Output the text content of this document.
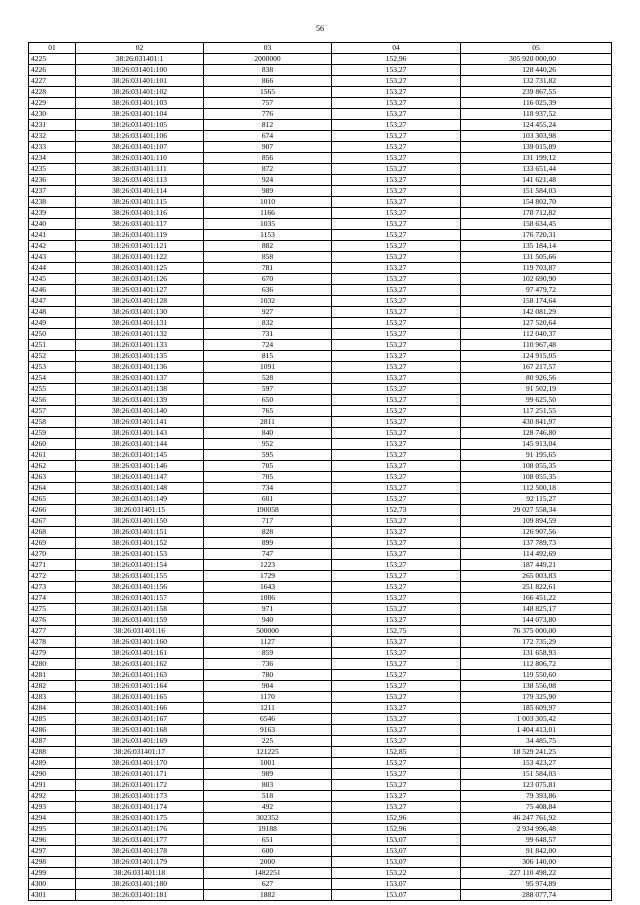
56
01	02	03	04	05
4225	38:26:031401:1	2000000	152,96	305 920 000,00
4226	38:26:031401:100	838	153,27	128 440,26
4227	38:26:031401:101	866	153,27	132 731,82
4228	38:26:031401:102	1565	153,27	239 867,55
4229	38:26:031401:103	757	153,27	116 025,39
4230	38:26:031401:104	776	153,27	118 937,52
4231	38:26:031401:105	812	153,27	124 455,24
4232	38:26:031401:106	674	153,27	103 303,98
4233	38:26:031401:107	907	153,27	139 015,89
4234	38:26:031401:110	856	153,27	131 199,12
4235	38:26:031401:111	872	153,27	133 651,44
4236	38:26:031401:113	924	153,27	141 621,48
4237	38:26:031401:114	989	153,27	151 584,03
4238	38:26:031401:115	1010	153,27	154 802,70
4239	38:26:031401:116	1166	153,27	178 712,82
4240	38:26:031401:117	1035	153,27	158 634,45
4241	38:26:031401:119	1153	153,27	176 720,31
4242	38:26:031401:121	882	153,27	135 184,14
4243	38:26:031401:122	858	153,27	131 505,66
4244	38:26:031401:125	781	153,27	119 703,87
4245	38:26:031401:126	670	153,27	102 690,90
4246	38:26:031401:127	636	153,27	97 479,72
4247	38:26:031401:128	1032	153,27	158 174,64
4248	38:26:031401:130	927	153,27	142 081,29
4249	38:26:031401:131	832	153,27	127 520,64
4250	38:26:031401:132	731	153,27	112 040,37
4251	38:26:031401:133	724	153,27	110 967,48
4252	38:26:031401:135	815	153,27	124 915,05
4253	38:26:031401:136	1091	153,27	167 217,57
4254	38:26:031401:137	528	153,27	80 926,56
4255	38:26:031401:138	597	153,27	91 502,19
4256	38:26:031401:139	650	153,27	99 625,50
4257	38:26:031401:140	765	153,27	117 251,55
4258	38:26:031401:141	2811	153,27	430 841,97
4259	38:26:031401:143	840	153,27	128 746,80
4260	38:26:031401:144	952	153,27	145 913,04
4261	38:26:031401:145	595	153,27	91 195,65
4262	38:26:031401:146	705	153,27	108 055,35
4263	38:26:031401:147	705	153,27	108 055,35
4264	38:26:031401:148	734	153,27	112 500,18
4265	38:26:031401:149	601	153,27	92 115,27
4266	38:26:031401:15	190058	152,73	29 027 558,34
4267	38:26:031401:150	717	153,27	109 894,59
4268	38:26:031401:151	828	153,27	126 907,56
4269	38:26:031401:152	899	153,27	137 789,73
4270	38:26:031401:153	747	153,27	114 492,69
4271	38:26:031401:154	1223	153,27	187 449,21
4272	38:26:031401:155	1729	153,27	265 003,83
4273	38:26:031401:156	1643	153,27	251 822,61
4274	38:26:031401:157	1086	153,27	166 451,22
4275	38:26:031401:158	971	153,27	148 825,17
4276	38:26:031401:159	940	153,27	144 073,80
4277	38:26:031401:16	500000	152,75	76 375 000,00
4278	38:26:031401:160	1127	153,27	172 735,29
4279	38:26:031401:161	859	153,27	131 658,93
4280	38:26:031401:162	736	153,27	112 806,72
4281	38:26:031401:163	780	153,27	119 550,60
4282	38:26:031401:164	904	153,27	138 556,08
4283	38:26:031401:165	1170	153,27	179 325,90
4284	38:26:031401:166	1211	153,27	185 609,97
4285	38:26:031401:167	6546	153,27	1 003 305,42
4286	38:26:031401:168	9163	153,27	1 404 413,01
4287	38:26:031401:169	225	153,27	34 485,75
4288	38:26:031401:17	121225	152,85	18 529 241,25
4289	38:26:031401:170	1001	153,27	153 423,27
4290	38:26:031401:171	989	153,27	151 584,03
4291	38:26:031401:172	803	153,27	123 075,81
4292	38:26:031401:173	518	153,27	79 393,86
4293	38:26:031401:174	492	153,27	75 408,84
4294	38:26:031401:175	302352	152,96	46 247 761,92
4295	38:26:031401:176	19188	152,96	2 934 996,48
4296	38:26:031401:177	651	153,07	99 648,57
4297	38:26:031401:178	600	153,07	91 842,00
4298	38:26:031401:179	2000	153,07	306 140,00
4299	38:26:031401:18	1482251	153,22	227 110 498,22
4300	38:26:031401:180	627	153,07	95 974,89
4301	38:26:031401:181	1882	153,07	288 077,74
